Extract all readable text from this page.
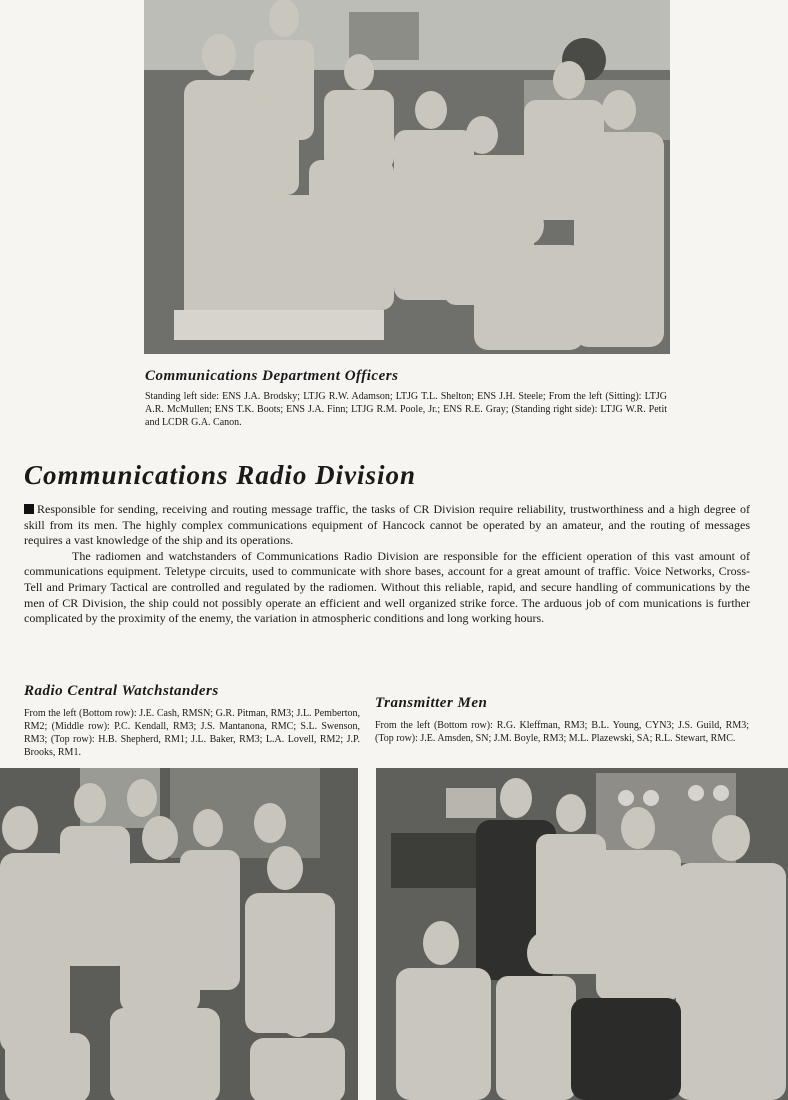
Communications Department Officers

Standing left side: ENS J.A. Brodsky; LTJG R.W. Adamson; LTJG T.L. Shelton; ENS J.H. Steele; From the left (Sitting): LTJG A.R. McMullen; ENS T.K. Boots; ENS J.A. Finn; LTJG R.M. Poole, Jr.; ENS R.E. Gray; (Standing right side): LTJG W.R. Petit and LCDR G.A. Canon.

Communications Radio Division

Responsible for sending, receiving and routing message traffic, the tasks of CR Division require reliability, trustworthiness and a high degree of skill from its men. The highly complex communications equipment of Hancock cannot be operated by an amateur, and the routing of messages requires a vast knowledge of the ship and its operations.

The radiomen and watchstanders of Communications Radio Division are responsible for the efficient operation of this vast amount of communications equipment. Teletype circuits, used to communicate with shore bases, account for a great amount of traffic. Voice Networks, Cross-Tell and Primary Tactical are controlled and regulated by the radiomen. Without this reliable, rapid, and secure handling of communications by the men of CR Division, the ship could not possibly operate an efficient and well organized strike force. The arduous job of com munications is further complicated by the proximity of the enemy, the variation in atmospheric conditions and long working hours.

Radio Central Watchstanders

From the left (Bottom row): J.E. Cash, RMSN; G.R. Pitman, RM3; J.L. Pemberton, RM2; (Middle row): P.C. Kendall, RM3; J.S. Mantanona, RMC; S.L. Swenson, RM3; (Top row): H.B. Shepherd, RM1; J.L. Baker, RM3; L.A. Lovell, RM2; J.P. Brooks, RM1.

Transmitter Men

From the left (Bottom row): R.G. Kleffman, RM3; B.L. Young, CYN3; J.S. Guild, RM3; (Top row): J.E. Amsden, SN; J.M. Boyle, RM3; M.L. Plazewski, SA; R.L. Stewart, RMC.
